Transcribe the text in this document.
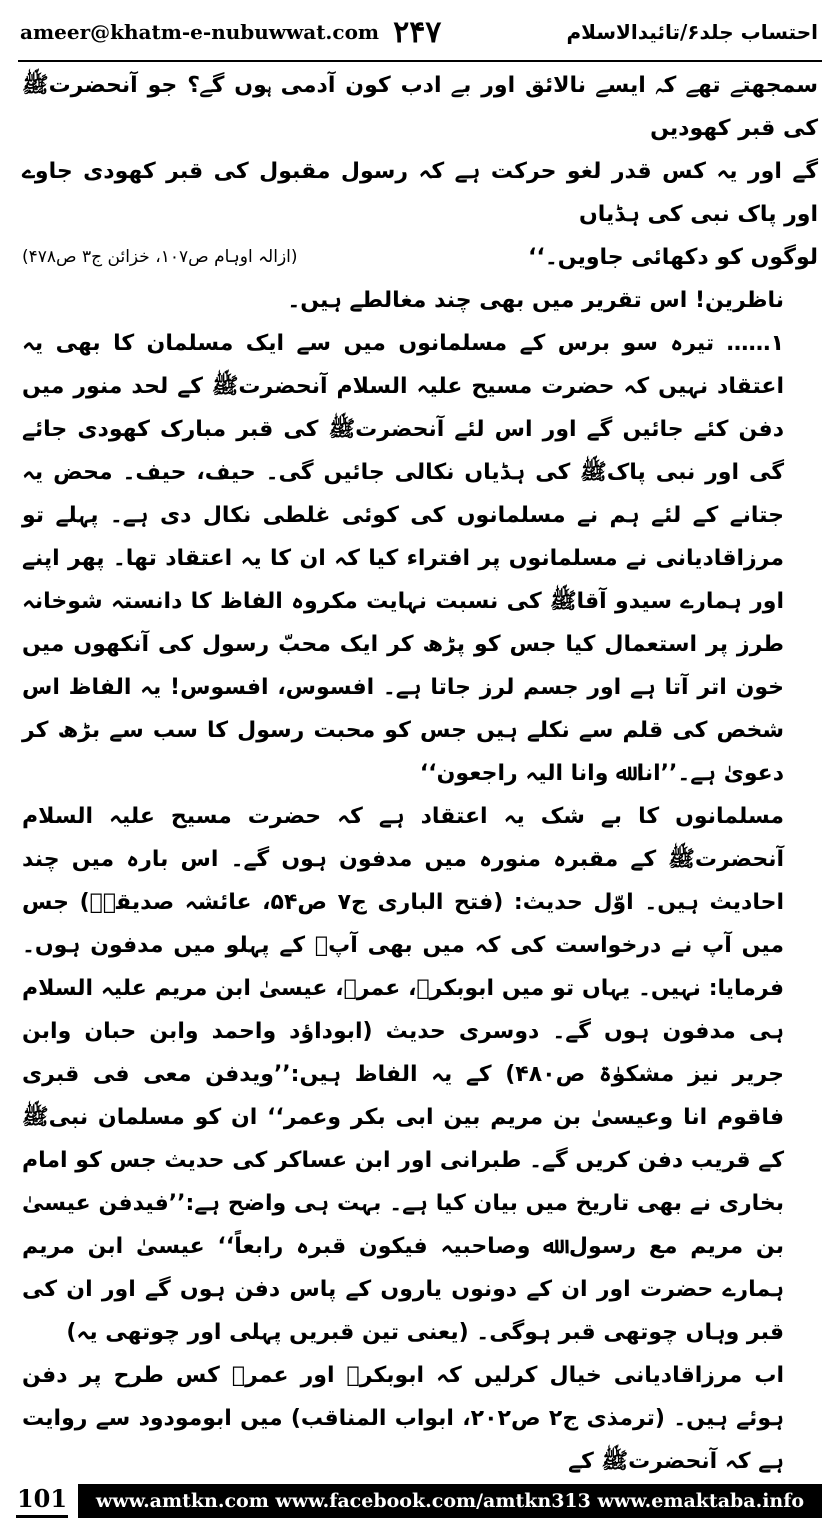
ameer@khatm-e-nubuwwat.com ۲۴۷	احتساب جلد۶/تائیدالاسلام

سمجھتے تھے کہ ایسے نالائق اور بے ادب کون آدمی ہوں گے؟ جو آنحضرتﷺ کی قبر کھودیں

گے اور یہ کس قدر لغو حرکت ہے کہ رسول مقبول کی قبر کھودی جاوے اور پاک نبی کی ہڈیاں

لوگوں کو دکھائی جاویں۔‘‘
(ازالہ اوہام ص۱۰۷، خزائن ج۳ ص۴۷۸)

ناظرین! اس تقریر میں بھی چند مغالطے ہیں۔

۱…… تیرہ سو برس کے مسلمانوں میں سے ایک مسلمان کا بھی یہ اعتقاد نہیں کہ حضرت مسیح علیہ السلام آنحضرتﷺ کے لحد منور میں دفن کئے جائیں گے اور اس لئے آنحضرتﷺ کی قبر مبارک کھودی جائے گی اور نبی پاکﷺ کی ہڈیاں نکالی جائیں گی۔ حیف، حیف۔ محض یہ جتانے کے لئے ہم نے مسلمانوں کی کوئی غلطی نکال دی ہے۔ پہلے تو مرزاقادیانی نے مسلمانوں پر افتراء کیا کہ ان کا یہ اعتقاد تھا۔ پھر اپنے اور ہمارے سیدو آقاﷺ کی نسبت نہایت مکروہ الفاظ کا دانستہ شوخانہ طرز پر استعمال کیا جس کو پڑھ کر ایک محبّ رسول کی آنکھوں میں خون اتر آتا ہے اور جسم لرز جاتا ہے۔ افسوس، افسوس! یہ الفاظ اس شخص کی قلم سے نکلے ہیں جس کو محبت رسول کا سب سے بڑھ کر دعویٰ ہے۔’’انا ﷲ وانا الیہ راجعون‘‘

مسلمانوں کا بے شک یہ اعتقاد ہے کہ حضرت مسیح علیہ السلام آنحضرتﷺ کے مقبرہ منورہ میں مدفون ہوں گے۔ اس بارہ میں چند احادیث ہیں۔ اوّل حدیث: (فتح الباری ج۷ ص۵۴، عائشہ صدیقہؓ) جس میں آپ نے درخواست کی کہ میں بھی آپﷺ کے پہلو میں مدفون ہوں۔ فرمایا: نہیں۔ یہاں تو میں ابوبکرؓ، عمرؓ، عیسیٰ ابن مریم علیہ السلام ہی مدفون ہوں گے۔ دوسری حدیث (ابوداؤد واحمد وابن حبان وابن جریر نیز مشکوٰۃ ص۴۸۰) کے یہ الفاظ ہیں:’’ویدفن معی فی قبری فاقوم انا وعیسیٰ بن مریم بین ابی بکر وعمر‘‘ ان کو مسلمان نبیﷺ کے قریب دفن کریں گے۔ طبرانی اور ابن عساکر کی حدیث جس کو امام بخاری نے بھی تاریخ میں بیان کیا ہے۔ بہت ہی واضح ہے:’’فیدفن عیسیٰ بن مریم مع رسول ﷲ وصاحبیہ فیکون قبرہ رابعاً‘‘ عیسیٰ ابن مریم ہمارے حضرت اور ان کے دونوں یاروں کے پاس دفن ہوں گے اور ان کی قبر وہاں چوتھی قبر ہوگی۔ (یعنی تین قبریں پہلی اور چوتھی یہ)

اب مرزاقادیانی خیال کرلیں کہ ابوبکرؓ اور عمرؓ کس طرح پر دفن ہوئے ہیں۔ (ترمذی ج۲ ص۲۰۲، ابواب المناقب) میں ابومودود سے روایت ہے کہ آنحضرتﷺ کے

101	www.amtkn.com www.facebook.com/amtkn313 www.emaktaba.info
